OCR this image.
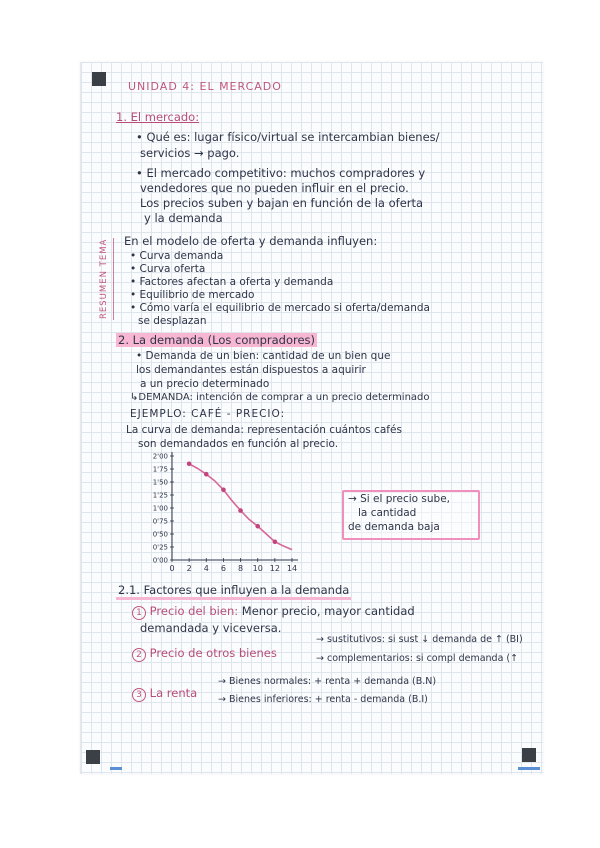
UNIDAD 4: EL MERCADO
1. El mercado:
• Qué es: lugar físico/virtual se intercambian bienes/
servicios → pago.
• El mercado competitivo: muchos compradores y
vendedores que no pueden influir en el precio.
Los precios suben y bajan en función de la oferta
y la demanda
RESUMEN TEMA	En el modelo de oferta y demanda influyen:
• Curva demanda
• Curva oferta
• Factores afectan a oferta y demanda
• Equilibrio de mercado
• Cómo varía el equilibrio de mercado si oferta/demanda
se desplazan
2. La demanda (Los compradores)
• Demanda de un bien: cantidad de un bien que
los demandantes están dispuestos a aquirir
a un precio determinado
↳DEMANDA: intención de comprar a un precio determinado
EJEMPLO: CAFÉ - PRECIO:
La curva de demanda: representación cuántos cafés
son demandados en función al precio.
2'00
1'75
1'50
1'25
1'00
0'75
0'50
0'25
0'00
0 2 4 6 8 10 12 14
→ Si el precio sube,
la cantidad
de demanda baja
2.1. Factores que influyen a la demanda
1 Precio del bien: Menor precio, mayor cantidad
demandada y viceversa.
2 Precio de otros bienes
→ sustitutivos: si sust ↓ demanda de ↑ (BI)
→ complementarios: si compl demanda (↑
3 La renta
→ Bienes normales: + renta + demanda (B.N)
→ Bienes inferiores: + renta - demanda (B.I)
